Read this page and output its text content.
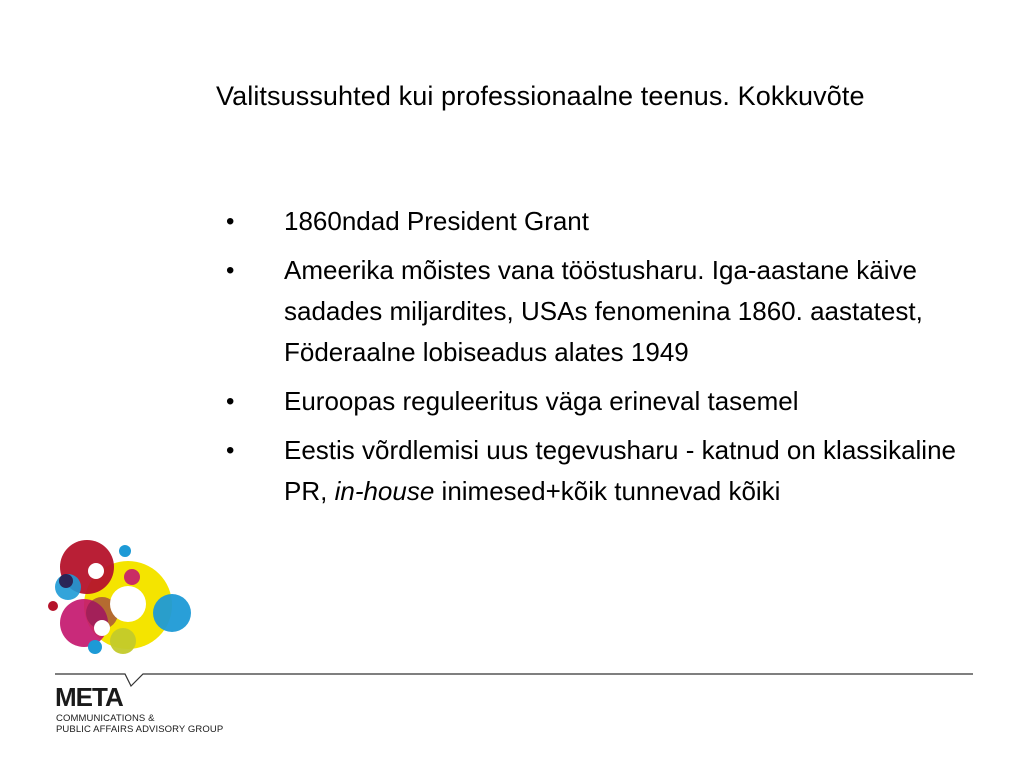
Valitsussuhted kui professionaalne teenus. Kokkuvõte
• 1860ndad President Grant
• Ameerika mõistes vana tööstusharu. Iga-aastane käive sadades miljardites, USAs fenomenina 1860. aastatest, Föderaalne lobiseadus alates 1949
• Euroopas reguleeritus väga erineval tasemel
• Eestis võrdlemisi uus tegevusharu - katnud on klassikaline PR, in-house inimesed+kõik tunnevad kõiki
META
COMMUNICATIONS &
PUBLIC AFFAIRS ADVISORY GROUP
